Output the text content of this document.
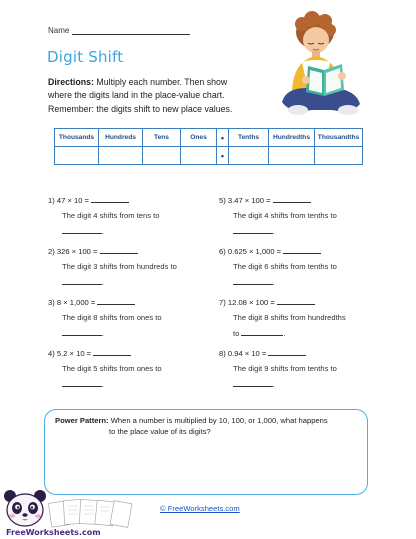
Name
Digit Shift
Directions: Multiply each number. Then show
where the digits land in the place-value chart.
Remember: the digits shift to new place values.
Thousands	Hundreds	Tens	Ones	•	Tenths	Hundredths	Thousandths
				•			
1) 47 × 10 =
The digit 4 shifts from tens to
.
2) 326 × 100 =
The digit 3 shifts from hundreds to
.
3) 8 × 1,000 =
The digit 8 shifts from ones to
.
4) 5.2 × 10 =
The digit 5 shifts from ones to
.
5) 3.47 × 100 =
The digit 4 shifts from tenths to
.
6) 0.625 × 1,000 =
The digit 6 shifts from tenths to
.
7) 12.08 × 100 =
The digit 8 shifts from hundredths
to	.
8) 0.94 × 10 =
The digit 9 shifts from tenths to
.
Power Pattern: When a number is multiplied by 10, 100, or 1,000, what happens
to the place value of its digits?
© FreeWorksheets.com
FreeWorksheets.com
